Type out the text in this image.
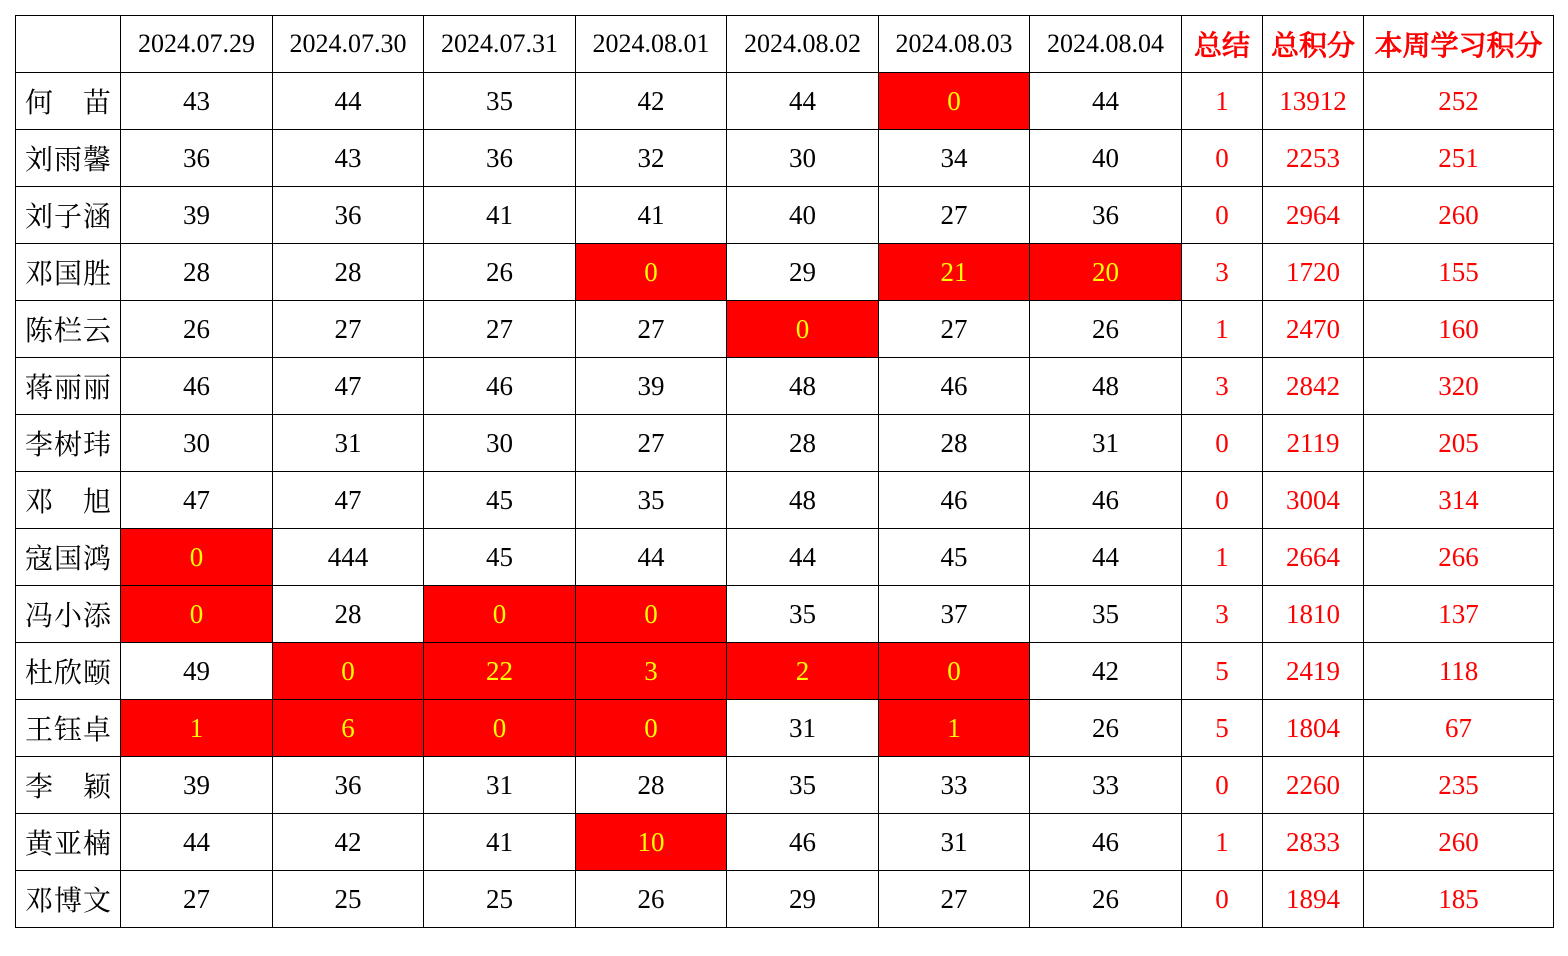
	2024.07.29	2024.07.30	2024.07.31	2024.08.01	2024.08.02	2024.08.03	2024.08.04	总结	总积分	本周学习积分
何苗	43	44	35	42	44	0	44	1	13912	252
刘雨馨	36	43	36	32	30	34	40	0	2253	251
刘子涵	39	36	41	41	40	27	36	0	2964	260
邓国胜	28	28	26	0	29	21	20	3	1720	155
陈栏云	26	27	27	27	0	27	26	1	2470	160
蒋丽丽	46	47	46	39	48	46	48	3	2842	320
李树玮	30	31	30	27	28	28	31	0	2119	205
邓旭	47	47	45	35	48	46	46	0	3004	314
寇国鸿	0	444	45	44	44	45	44	1	2664	266
冯小添	0	28	0	0	35	37	35	3	1810	137
杜欣颐	49	0	22	3	2	0	42	5	2419	118
王钰卓	1	6	0	0	31	1	26	5	1804	67
李颖	39	36	31	28	35	33	33	0	2260	235
黄亚楠	44	42	41	10	46	31	46	1	2833	260
邓博文	27	25	25	26	29	27	26	0	1894	185
